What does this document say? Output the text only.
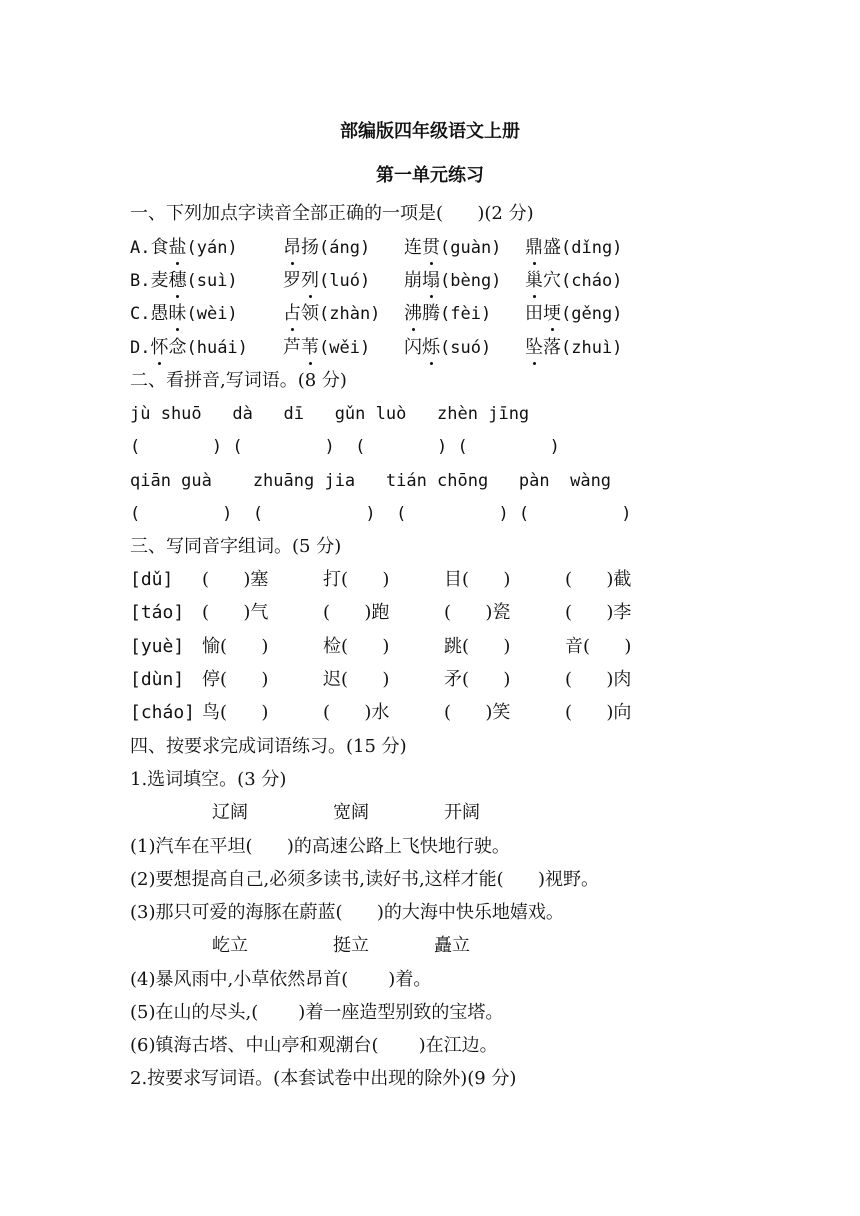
部编版四年级语文上册
第一单元练习
一、下列加点字读音全部正确的一项是(      )(2 分)
A.食盐(yán)	昂扬(áng) 连贯(guàn) 鼎盛(dǐng)
B.麦穗(suì)	罗列(luó) 崩塌(bèng) 巢穴(cháo)
C.愚昧(wèi)	占领(zhàn) 沸腾(fèi) 田埂(gěng)
D.怀念(huái) 芦苇(wěi) 闪烁(suó) 坠落(zhuì)
二、看拼音,写词语。(8 分)
jù shuō   dà   dī   gǔn luò   zhèn jīng
(       ) (        )  (       ) (        )
qiān guà    zhuāng jia   tián chōng   pàn  wàng
(        )  (          )  (         ) (         )
三、写同音字组词。(5 分)
[dǔ] (      )塞	打(      )	目(      )	(      )截
[táo] (      )气	(      )跑	(      )瓷	(      )李
[yuè] 愉(      )	检(      )	跳(      )	音(      )
[dùn] 停(      )	迟(      )	矛(      )	(      )肉
[cháo] 鸟(      )	(      )水	(      )笑	(      )向
四、按要求完成词语练习。(15 分)
1.选词填空。(3 分)
辽阔	宽阔	开阔
(1)汽车在平坦(      )的高速公路上飞快地行驶。
(2)要想提高自己,必须多读书,读好书,这样才能(      )视野。
(3)那只可爱的海豚在蔚蓝(      )的大海中快乐地嬉戏。
屹立	挺立	矗立
(4)暴风雨中,小草依然昂首(       )着。
(5)在山的尽头,(       )着一座造型别致的宝塔。
(6)镇海古塔、中山亭和观潮台(       )在江边。
2.按要求写词语。(本套试卷中出现的除外)(9 分)
